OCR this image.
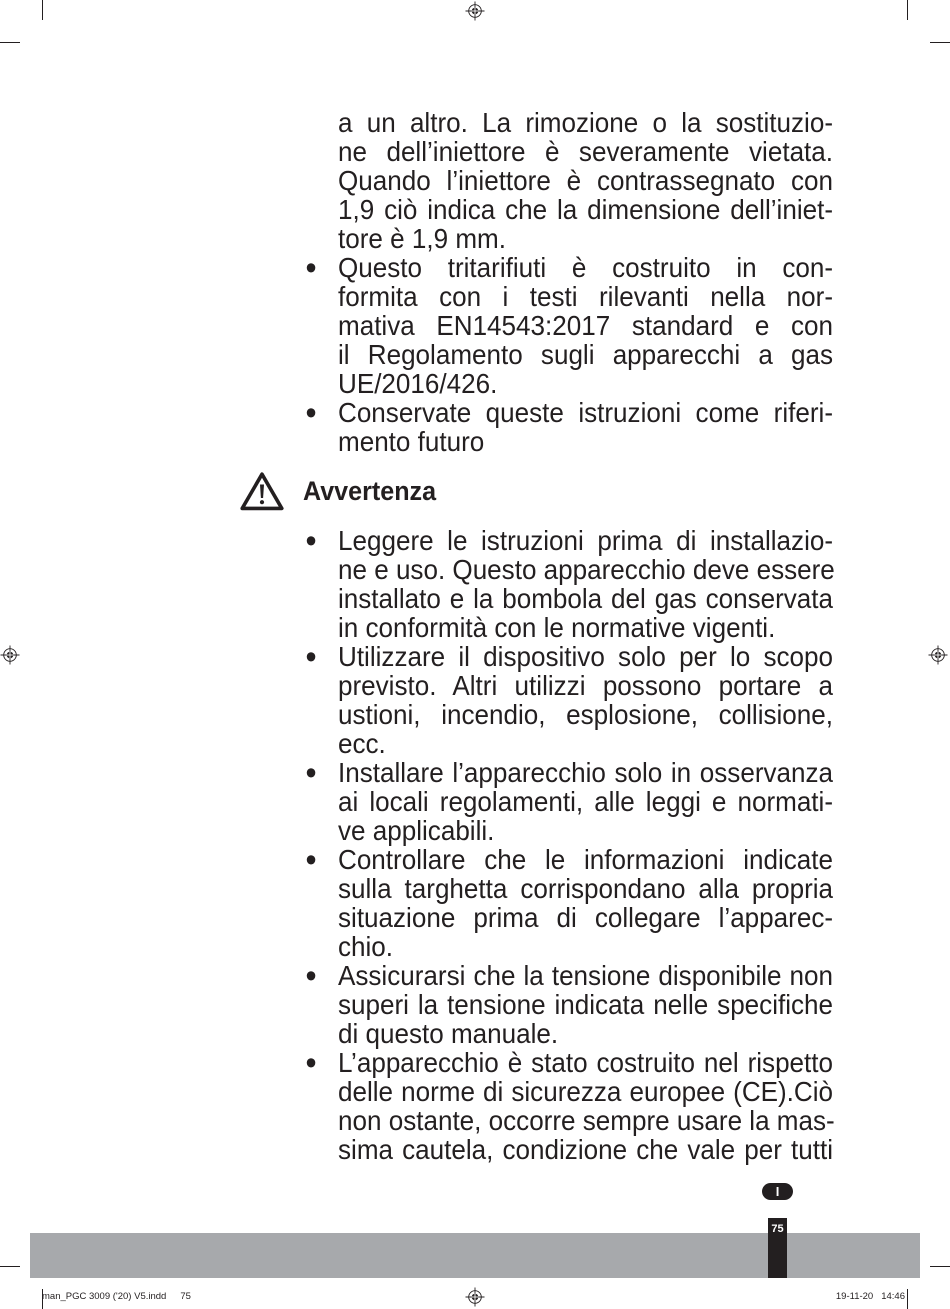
a un altro. La rimozione o la sostituzio-
ne dell’iniettore è severamente vietata.
Quando l’iniettore è contrassegnato con
1,9 ciò indica che la dimensione dell’iniet-
tore è 1,9 mm.
• Questo tritarifiuti è costruito in con-
formita con i testi rilevanti nella nor-
mativa EN14543:2017 standard e con
il Regolamento sugli apparecchi a gas
UE/2016/426.
• Conservate queste istruzioni come riferi-
mento futuro
Avvertenza
• Leggere le istruzioni prima di installazio-
ne e uso. Questo apparecchio deve essere
installato e la bombola del gas conservata
in conformità con le normative vigenti.
• Utilizzare il dispositivo solo per lo scopo
previsto. Altri utilizzi possono portare a
ustioni, incendio, esplosione, collisione,
ecc.
• Installare l’apparecchio solo in osservanza
ai locali regolamenti, alle leggi e normati-
ve applicabili.
• Controllare che le informazioni indicate
sulla targhetta corrispondano alla propria
situazione prima di collegare l’apparec-
chio.
• Assicurarsi che la tensione disponibile non
superi la tensione indicata nelle specifiche
di questo manuale.
• L’apparecchio è stato costruito nel rispetto
delle norme di sicurezza europee (CE).Ciò
non ostante, occorre sempre usare la mas-
sima cautela, condizione che vale per tutti
I
75
man_PGC 3009 ('20) V5.indd 75	19-11-20 14:46
